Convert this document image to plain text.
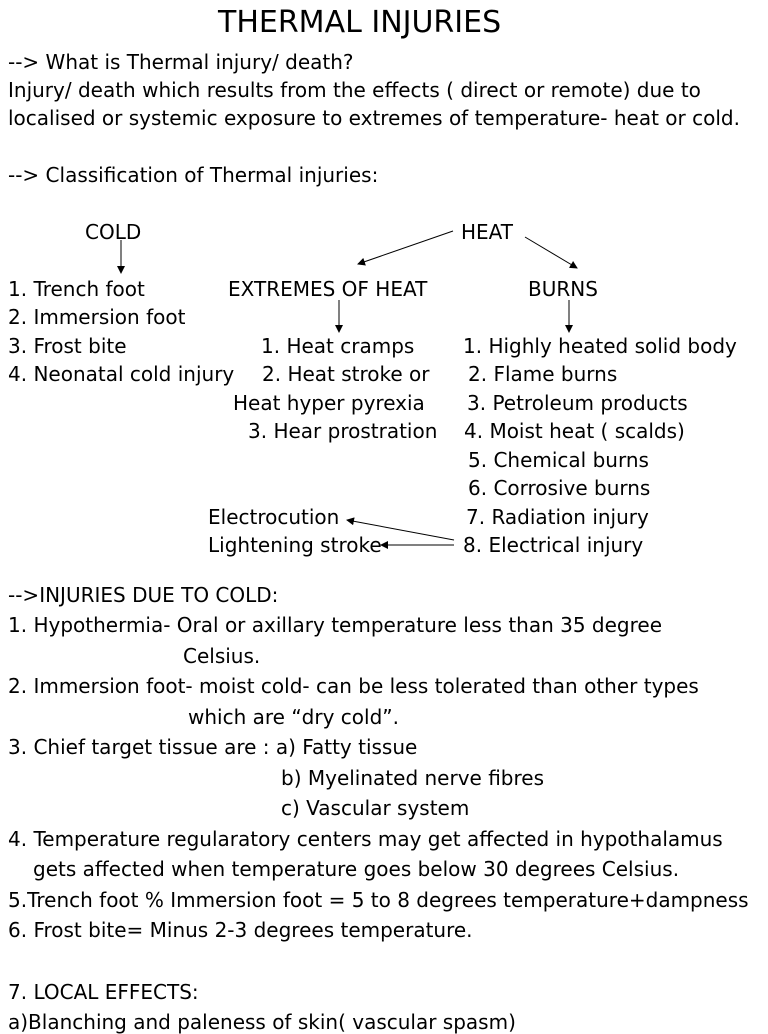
THERMAL INJURIES
--> What is Thermal injury/ death?
Injury/ death which results from the effects ( direct or remote) due to
localised or systemic exposure to extremes of temperature- heat or cold.
--> Classification of Thermal injuries:
COLD	HEAT
EXTREMES OF HEAT	BURNS
1. Trench foot
2. Immersion foot
3. Frost bite
4. Neonatal cold injury
1. Heat cramps
2. Heat stroke or
Heat hyper pyrexia
3. Hear prostration
1. Highly heated solid body
2. Flame burns
3. Petroleum products
4. Moist heat ( scalds)
5. Chemical burns
6. Corrosive burns
7. Radiation injury
8. Electrical injury
Electrocution
Lightening stroke
-->INJURIES DUE TO COLD:
1. Hypothermia- Oral or axillary temperature less than 35 degree
Celsius.
2. Immersion foot- moist cold- can be less tolerated than other types
which are “dry cold”.
3. Chief target tissue are : a) Fatty tissue
b) Myelinated nerve fibres
c) Vascular system
4. Temperature regularatory centers may get affected in hypothalamus
gets affected when temperature goes below 30 degrees Celsius.
5.Trench foot % Immersion foot = 5 to 8 degrees temperature+dampness
6. Frost bite= Minus 2-3 degrees temperature.
7. LOCAL EFFECTS:
a)Blanching and paleness of skin( vascular spasm)
